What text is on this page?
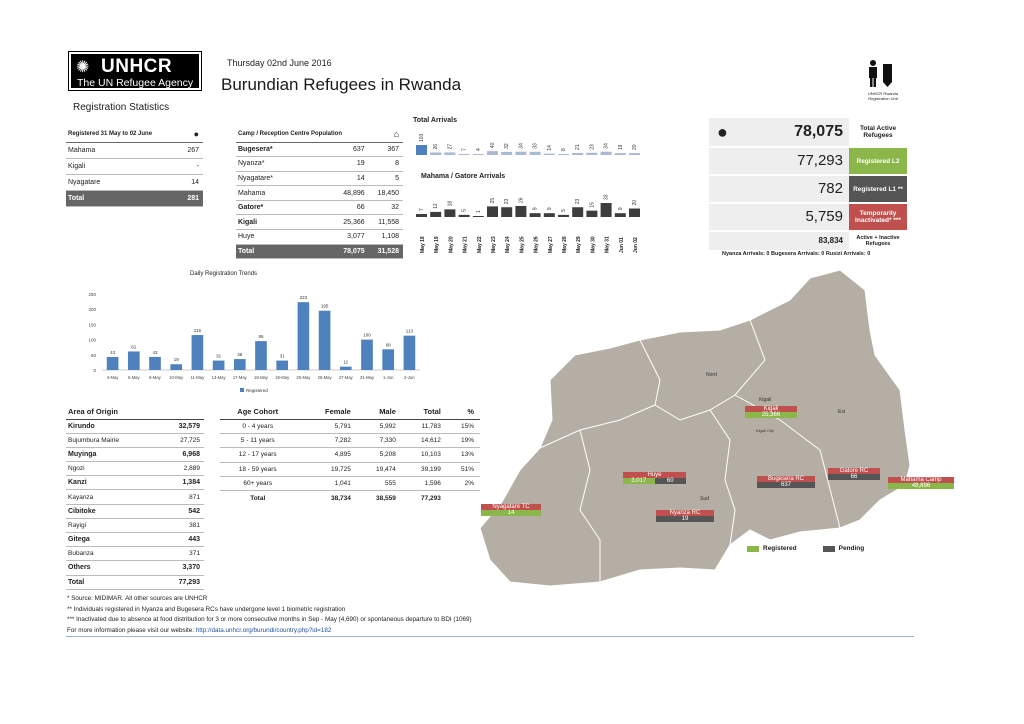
✺ UNHCR
The UN Refugee Agency
Thursday 02nd June 2016
Burundian Refugees in Rwanda
Registration Statistics
UNHCR Rwanda Registration Unit
Registered 31 May to 02 June	●
Mahama	267
Kigali	-
Nyagatare	14
Total	281
Camp / Reception Centre Population		⌂
Bugesera*	637	367
Nyanza*	19	8
Nyagatare*	14	5
Mahama	48,896	18,450
Gatore*	66	32
Kigali	25,366	11,558
Huye	3,077	1,108
Total	78,075	31,528
Total Arrivals
103
26 27
7 4
40 32 34 33 14 8 21 23 34 19 20
7
May 18
12
May 19
18
May 20
5
May 21
1
May 22
25
May 23
23
May 24
26
May 25
9
May 26
9
May 27
5
May 28
23
May 29
15
May 30
33
May 31
9
Jun 01
20
Jun 02
Mahama / Gatore Arrivals
●	78,075	Total Active Refugees
77,293	Registered L2
782	Registered L1 **
5,759	Temporarily Inactivated* ***
83,834	Active + Inactive Refugees
Nyanza Arrivals: 0 Bugesera Arrivals: 0 Rusizi Arrivals: 0
Daily Registration Trends
250
200
150
100
50
0
43
61
43
19
115
31	36
95
31
223
195
11
100
68
113
4-May 5-May 8-May 10-May 11-May 13-May 17-May 18-May 19-May 25-May 26-May 27-May 31-May 1-Jun	2-Jun
Registered
Area of Origin	
Kirundo	32,579
Bujumbura Mairie	27,725
Muyinga	6,968
Ngozi	2,889
Kanzi	1,384
Kayanza	871
Cibitoke	542
Rayigi	381
Gitega	443
Bubanza	371
Others	3,370
Total	77,293
Age Cohort	Female	Male	Total	%
0 - 4 years	5,791	5,992	11,783	15%
5 - 11 years	7,282	7,330	14,612	19%
12 - 17 years	4,895	5,208	10,103	13%
18 - 59 years	19,725	19,474	39,199	51%
60+ years	1,041	555	1,596	2%
Total	38,734	38,559	77,293	
Nord
Kigali
Est
Sud
Kigali City
Kigali
25,366
Huye
3,017	60	Bugesera RC
637
Gatore RC
66	Mahama Camp
48,896
Nyagatare TC
14	Nyanza RC
19
Registered	Pending
* Source: MIDIMAR. All other sources are UNHCR
** Individuals registered in Nyanza and Bugesera RCs have undergone level 1 biometric registration
*** Inactivated due to absence at food distribution for 3 or more consecutive months in Sep - May (4,690) or spontaneous departure to BDI (1069)
For more information please visit our website: http://data.unhcr.org/burundi/country.php?id=182
